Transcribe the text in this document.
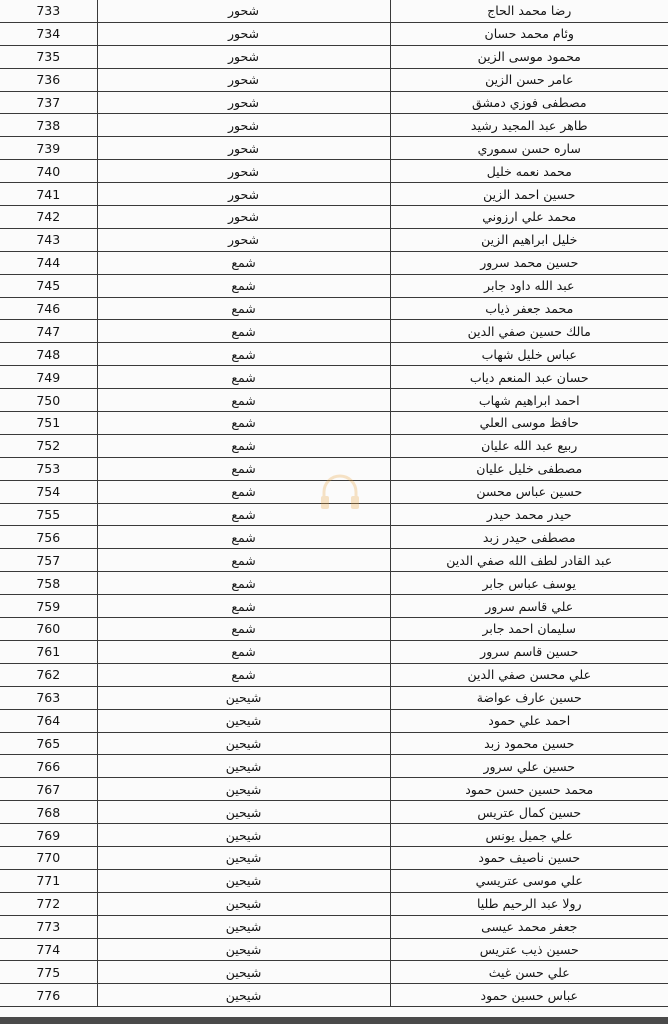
733	شحور	رضا محمد الحاج
734	شحور	وئام محمد حسان
735	شحور	محمود موسى الزين
736	شحور	عامر حسن الزين
737	شحور	مصطفى فوزي دمشق
738	شحور	طاهر عبد المجيد رشيد
739	شحور	ساره حسن سموري
740	شحور	محمد نعمه خليل
741	شحور	حسين احمد الزين
742	شحور	محمد علي ارزوني
743	شحور	خليل ابراهيم الزين
744	شمع	حسين محمد سرور
745	شمع	عبد الله داود جابر
746	شمع	محمد جعفر ذياب
747	شمع	مالك حسين صفي الدين
748	شمع	عباس خليل شهاب
749	شمع	حسان عبد المنعم دياب
750	شمع	احمد ابراهيم شهاب
751	شمع	حافظ موسى العلي
752	شمع	ربيع عبد الله عليان
753	شمع	مصطفى خليل عليان
754	شمع	حسين عباس محسن
755	شمع	حيدر محمد حيدر
756	شمع	مصطفى حيدر زبد
757	شمع	عبد القادر لطف الله صفي الدين
758	شمع	يوسف عباس جابر
759	شمع	علي قاسم سرور
760	شمع	سليمان احمد جابر
761	شمع	حسين قاسم سرور
762	شمع	علي محسن صفي الدين
763	شيحين	حسين عارف عواضة
764	شيحين	احمد علي حمود
765	شيحين	حسين محمود زبد
766	شيحين	حسين علي سرور
767	شيحين	محمد حسين حسن حمود
768	شيحين	حسين كمال عتريس
769	شيحين	علي جميل يونس
770	شيحين	حسين ناصيف حمود
771	شيحين	علي موسى عتريسي
772	شيحين	رولا عبد الرحيم طليا
773	شيحين	جعفر محمد عيسى
774	شيحين	حسين ذيب عتريس
775	شيحين	علي حسن غيث
776	شيحين	عباس حسين حمود
